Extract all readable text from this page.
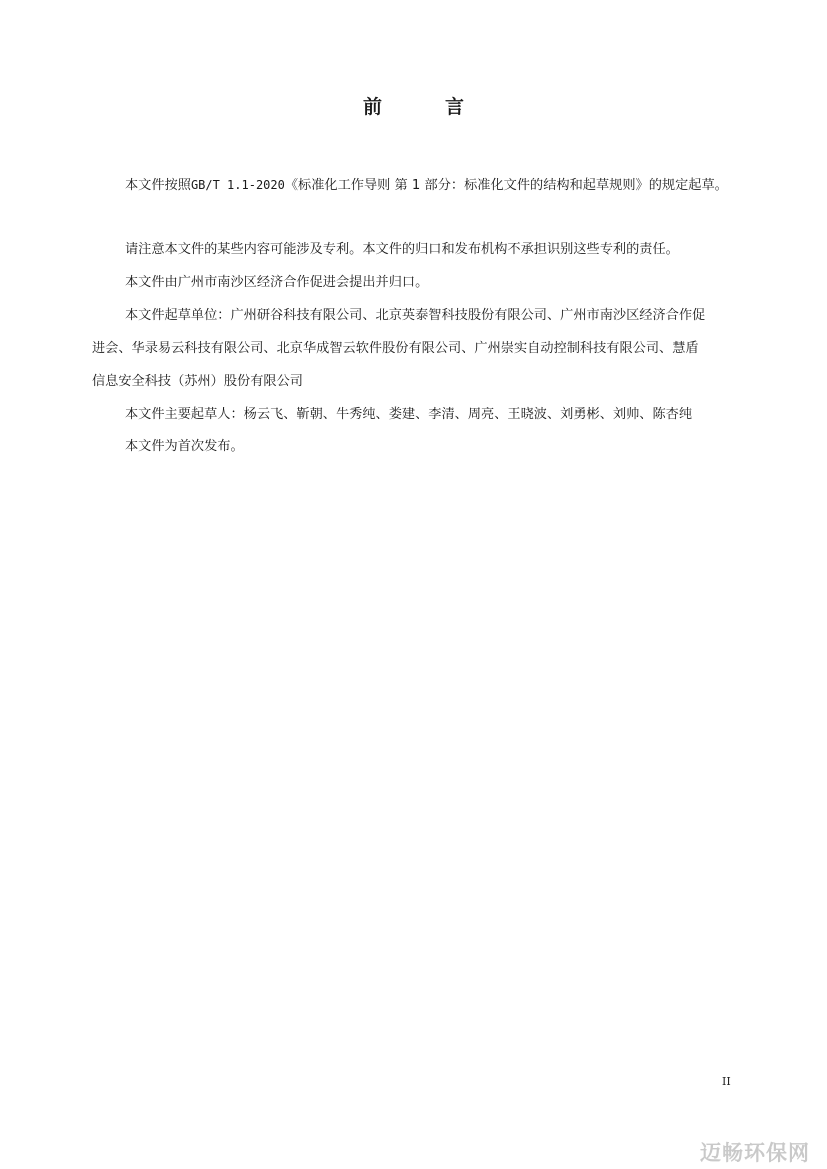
前　言
本文件按照GB/T 1.1-2020《标准化工作导则 第 1 部分：标准化文件的结构和起草规则》的规定起草。
请注意本文件的某些内容可能涉及专利。本文件的归口和发布机构不承担识别这些专利的责任。
本文件由广州市南沙区经济合作促进会提出并归口。
本文件起草单位：广州研谷科技有限公司、北京英泰智科技股份有限公司、广州市南沙区经济合作促
进会、华录易云科技有限公司、北京华成智云软件股份有限公司、广州崇实自动控制科技有限公司、慧盾
信息安全科技（苏州）股份有限公司
本文件主要起草人：杨云飞、靳朝、牛秀纯、娄建、李清、周亮、王晓波、刘勇彬、刘帅、陈杏纯
本文件为首次发布。
II
迈畅环保网
